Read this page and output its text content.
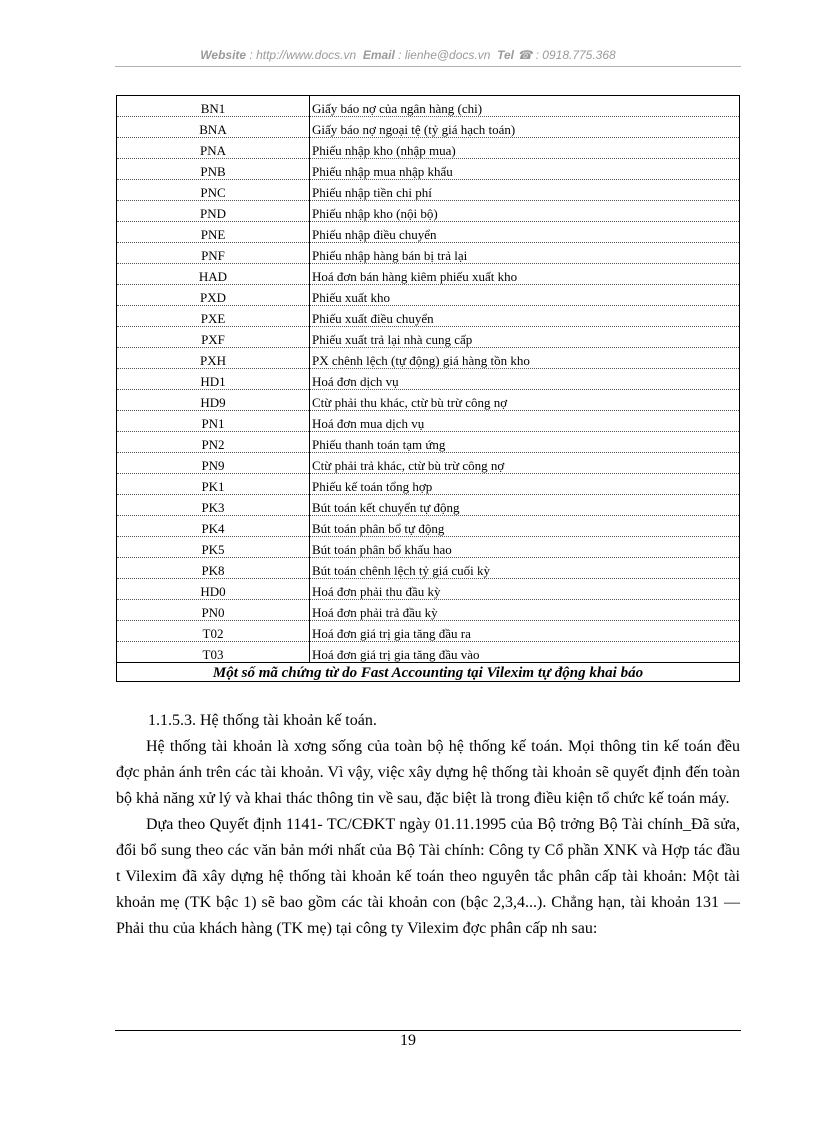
Website : http://www.docs.vn Email : lienhe@docs.vn Tel ☎ : 0918.775.368
BN1	Giấy báo nợ của ngân hàng (chi)
BNA	Giấy báo nợ ngoại tệ (tỷ giá hạch toán)
PNA	Phiếu nhập kho (nhập mua)
PNB	Phiếu nhập mua nhập khẩu
PNC	Phiếu nhập tiền chi phí
PND	Phiếu nhập kho (nội bộ)
PNE	Phiếu nhập điều chuyển
PNF	Phiếu nhập hàng bán bị trả lại
HAD	Hoá đơn bán hàng kiêm phiếu xuất kho
PXD	Phiếu xuất kho
PXE	Phiếu xuất điều chuyển
PXF	Phiếu xuất trả lại nhà cung cấp
PXH	PX chênh lệch (tự động) giá hàng tồn kho
HD1	Hoá đơn dịch vụ
HD9	Ctừ phải thu khác, ctừ bù trừ công nợ
PN1	Hoá đơn mua dịch vụ
PN2	Phiếu thanh toán tạm ứng
PN9	Ctừ phải trả khác, ctừ bù trừ công nợ
PK1	Phiếu kế toán tổng hợp
PK3	Bút toán kết chuyển tự động
PK4	Bút toán phân bổ tự động
PK5	Bút toán phân bổ khấu hao
PK8	Bút toán chênh lệch tỷ giá cuối kỳ
HD0	Hoá đơn phải thu đầu kỳ
PN0	Hoá đơn phải trả đầu kỳ
T02	Hoá đơn giá trị gia tăng đầu ra
T03	Hoá đơn giá trị gia tăng đầu vào
Một số mã chứng từ do Fast Accounting tại Vilexim tự động khai báo	

1.1.5.3. Hệ thống tài khoản kế toán.

Hệ thống tài khoản là xơng sống của toàn bộ hệ thống kế toán. Mọi thông tin kế toán đều đợc phản ánh trên các tài khoản. Vì vậy, việc xây dựng hệ thống tài khoản sẽ quyết định đến toàn bộ khả năng xử lý và khai thác thông tin về sau, đặc biệt là trong điều kiện tổ chức kế toán máy.

Dựa theo Quyết định 1141- TC/CĐKT ngày 01.11.1995 của Bộ trởng Bộ Tài chính_Đã sửa, đổi bổ sung theo các văn bản mới nhất của Bộ Tài chính: Công ty Cổ phần XNK và Hợp tác đầu t Vilexim đã xây dựng hệ thống tài khoản kế toán theo nguyên tắc phân cấp tài khoản: Một tài khoản mẹ (TK bậc 1) sẽ bao gồm các tài khoản con (bậc 2,3,4...). Chẳng hạn, tài khoản 131 — Phải thu của khách hàng (TK mẹ) tại công ty Vilexim đợc phân cấp nh sau:

19
